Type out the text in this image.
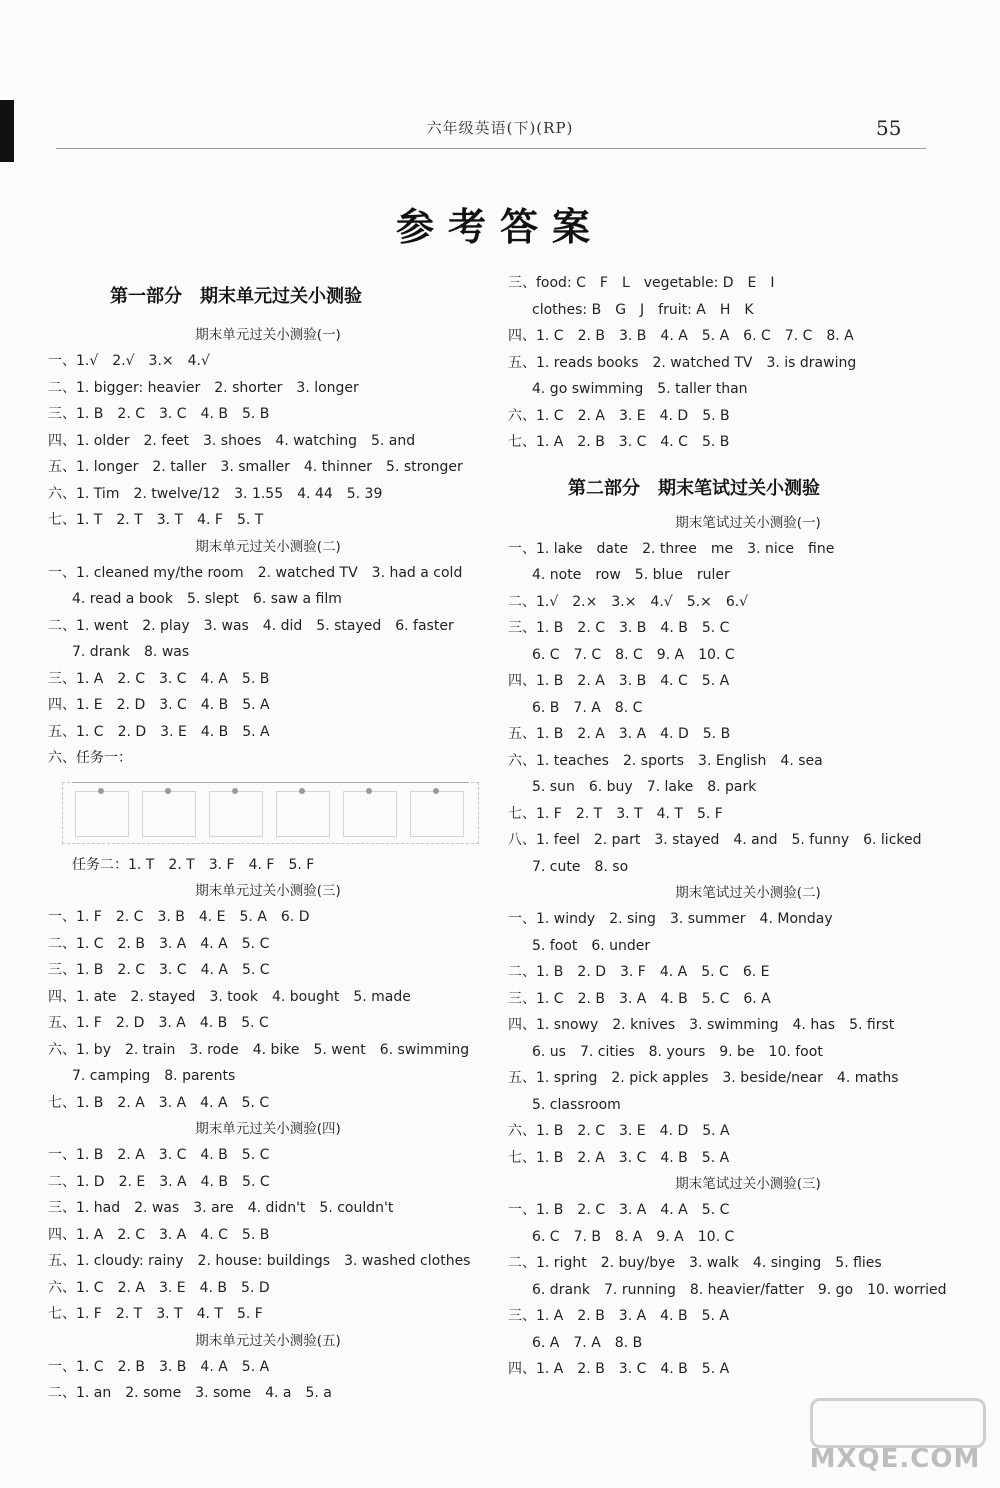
六年级英语(下)(RP)	55
参考答案
第一部分　期末单元过关小测验
期末单元过关小测验(一)
一、1.√　2.√　3.×　4.√
二、1. bigger: heavier　2. shorter　3. longer
三、1. B　2. C　3. C　4. B　5. B
四、1. older　2. feet　3. shoes　4. watching　5. and
五、1. longer　2. taller　3. smaller　4. thinner　5. stronger
六、1. Tim　2. twelve/12　3. 1.55　4. 44　5. 39
七、1. T　2. T　3. T　4. F　5. T
期末单元过关小测验(二)
一、1. cleaned my/the room　2. watched TV　3. had a cold
4. read a book　5. slept　6. saw a film
二、1. went　2. play　3. was　4. did　5. stayed　6. faster
7. drank　8. was
三、1. A　2. C　3. C　4. A　5. B
四、1. E　2. D　3. C　4. B　5. A
五、1. C　2. D　3. E　4. B　5. A
六、任务一：
任务二：1. T　2. T　3. F　4. F　5. F
期末单元过关小测验(三)
一、1. F　2. C　3. B　4. E　5. A　6. D
二、1. C　2. B　3. A　4. A　5. C
三、1. B　2. C　3. C　4. A　5. C
四、1. ate　2. stayed　3. took　4. bought　5. made
五、1. F　2. D　3. A　4. B　5. C
六、1. by　2. train　3. rode　4. bike　5. went　6. swimming
7. camping　8. parents
七、1. B　2. A　3. A　4. A　5. C
期末单元过关小测验(四)
一、1. B　2. A　3. C　4. B　5. C
二、1. D　2. E　3. A　4. B　5. C
三、1. had　2. was　3. are　4. didn't　5. couldn't
四、1. A　2. C　3. A　4. C　5. B
五、1. cloudy: rainy　2. house: buildings　3. washed clothes
六、1. C　2. A　3. E　4. B　5. D
七、1. F　2. T　3. T　4. T　5. F
期末单元过关小测验(五)
一、1. C　2. B　3. B　4. A　5. A
二、1. an　2. some　3. some　4. a　5. a
三、food: C　F　L　vegetable: D　E　I
clothes: B　G　J　fruit: A　H　K
四、1. C　2. B　3. B　4. A　5. A　6. C　7. C　8. A
五、1. reads books　2. watched TV　3. is drawing
4. go swimming　5. taller than
六、1. C　2. A　3. E　4. D　5. B
七、1. A　2. B　3. C　4. C　5. B
第二部分　期末笔试过关小测验
期末笔试过关小测验(一)
一、1. lake　date　2. three　me　3. nice　fine
4. note　row　5. blue　ruler
二、1.√　2.×　3.×　4.√　5.×　6.√
三、1. B　2. C　3. B　4. B　5. C
6. C　7. C　8. C　9. A　10. C
四、1. B　2. A　3. B　4. C　5. A
6. B　7. A　8. C
五、1. B　2. A　3. A　4. D　5. B
六、1. teaches　2. sports　3. English　4. sea
5. sun　6. buy　7. lake　8. park
七、1. F　2. T　3. T　4. T　5. F
八、1. feel　2. part　3. stayed　4. and　5. funny　6. licked
7. cute　8. so
期末笔试过关小测验(二)
一、1. windy　2. sing　3. summer　4. Monday
5. foot　6. under
二、1. B　2. D　3. F　4. A　5. C　6. E
三、1. C　2. B　3. A　4. B　5. C　6. A
四、1. snowy　2. knives　3. swimming　4. has　5. first
6. us　7. cities　8. yours　9. be　10. foot
五、1. spring　2. pick apples　3. beside/near　4. maths
5. classroom
六、1. B　2. C　3. E　4. D　5. A
七、1. B　2. A　3. C　4. B　5. A
期末笔试过关小测验(三)
一、1. B　2. C　3. A　4. A　5. C
6. C　7. B　8. A　9. A　10. C
二、1. right　2. buy/bye　3. walk　4. singing　5. flies
6. drank　7. running　8. heavier/fatter　9. go　10. worried
三、1. A　2. B　3. A　4. B　5. A
6. A　7. A　8. B
四、1. A　2. B　3. C　4. B　5. A
MXQE.COM
